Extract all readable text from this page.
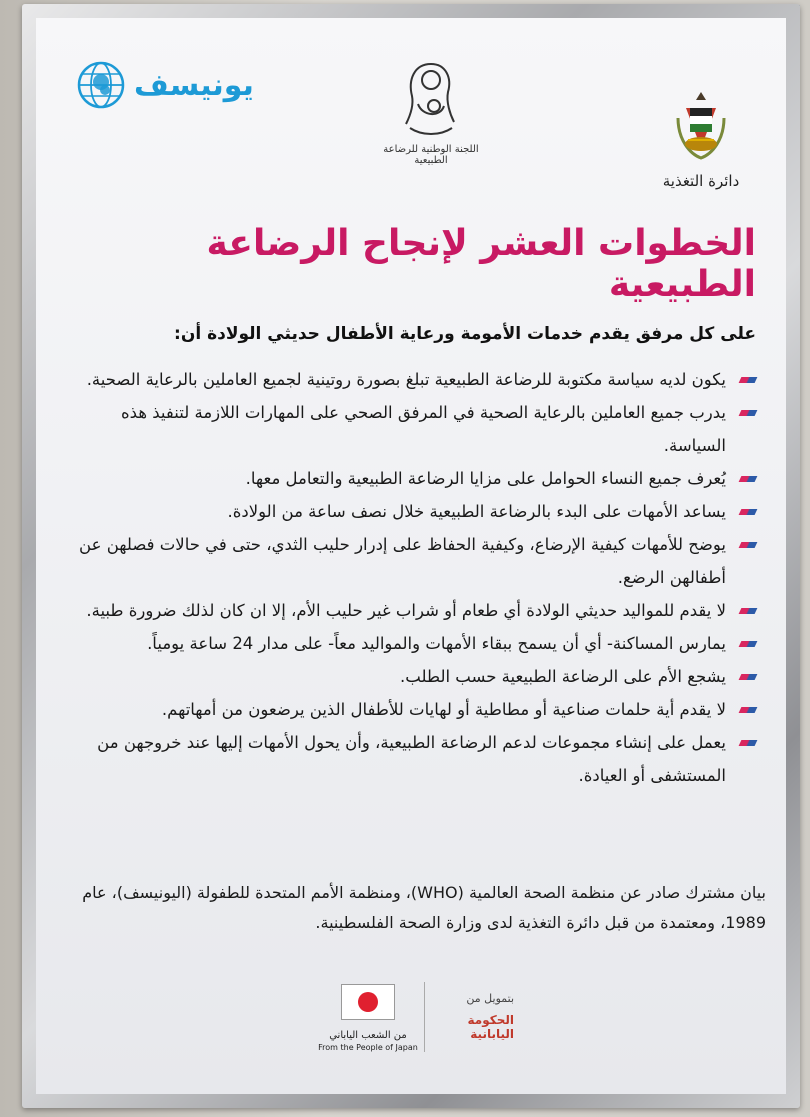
يونيسف
اللجنة الوطنية للرضاعة الطبيعية
دائرة التغذية
الخطوات العشر لإنجاح الرضاعة الطبيعية
على كل مرفق يقدم خدمات الأمومة ورعاية الأطفال حديثي الولادة أن:
يكون لديه سياسة مكتوبة للرضاعة الطبيعية تبلغ بصورة روتينية لجميع العاملين بالرعاية الصحية.
يدرب جميع العاملين بالرعاية الصحية في المرفق الصحي على المهارات اللازمة لتنفيذ هذه السياسة.
يُعرف جميع النساء الحوامل على مزايا الرضاعة الطبيعية والتعامل معها.
يساعد الأمهات على البدء بالرضاعة الطبيعية خلال نصف ساعة من الولادة.
يوضح للأمهات كيفية الإرضاع، وكيفية الحفاظ على إدرار حليب الثدي، حتى في حالات فصلهن عن أطفالهن الرضع.
لا يقدم للمواليد حديثي الولادة أي طعام أو شراب غير حليب الأم، إلا ان كان لذلك ضرورة طبية.
يمارس المساكنة- أي أن يسمح ببقاء الأمهات والمواليد معاً- على مدار 24 ساعة يومياً.
يشجع الأم على الرضاعة الطبيعية حسب الطلب.
لا يقدم أية حلمات صناعية أو مطاطية أو لهايات للأطفال الذين يرضعون من أمهاتهم.
يعمل على إنشاء مجموعات لدعم الرضاعة الطبيعية، وأن يحول الأمهات إليها عند خروجهن من المستشفى أو العيادة.
بيان مشترك صادر عن منظمة الصحة العالمية (WHO)، ومنظمة الأمم المتحدة للطفولة (اليونيسف)، عام 1989، ومعتمدة من قبل دائرة التغذية لدى وزارة الصحة الفلسطينية.
من الشعب الياباني
From the People of Japan
بتمويل من
الحكومة اليابانية
